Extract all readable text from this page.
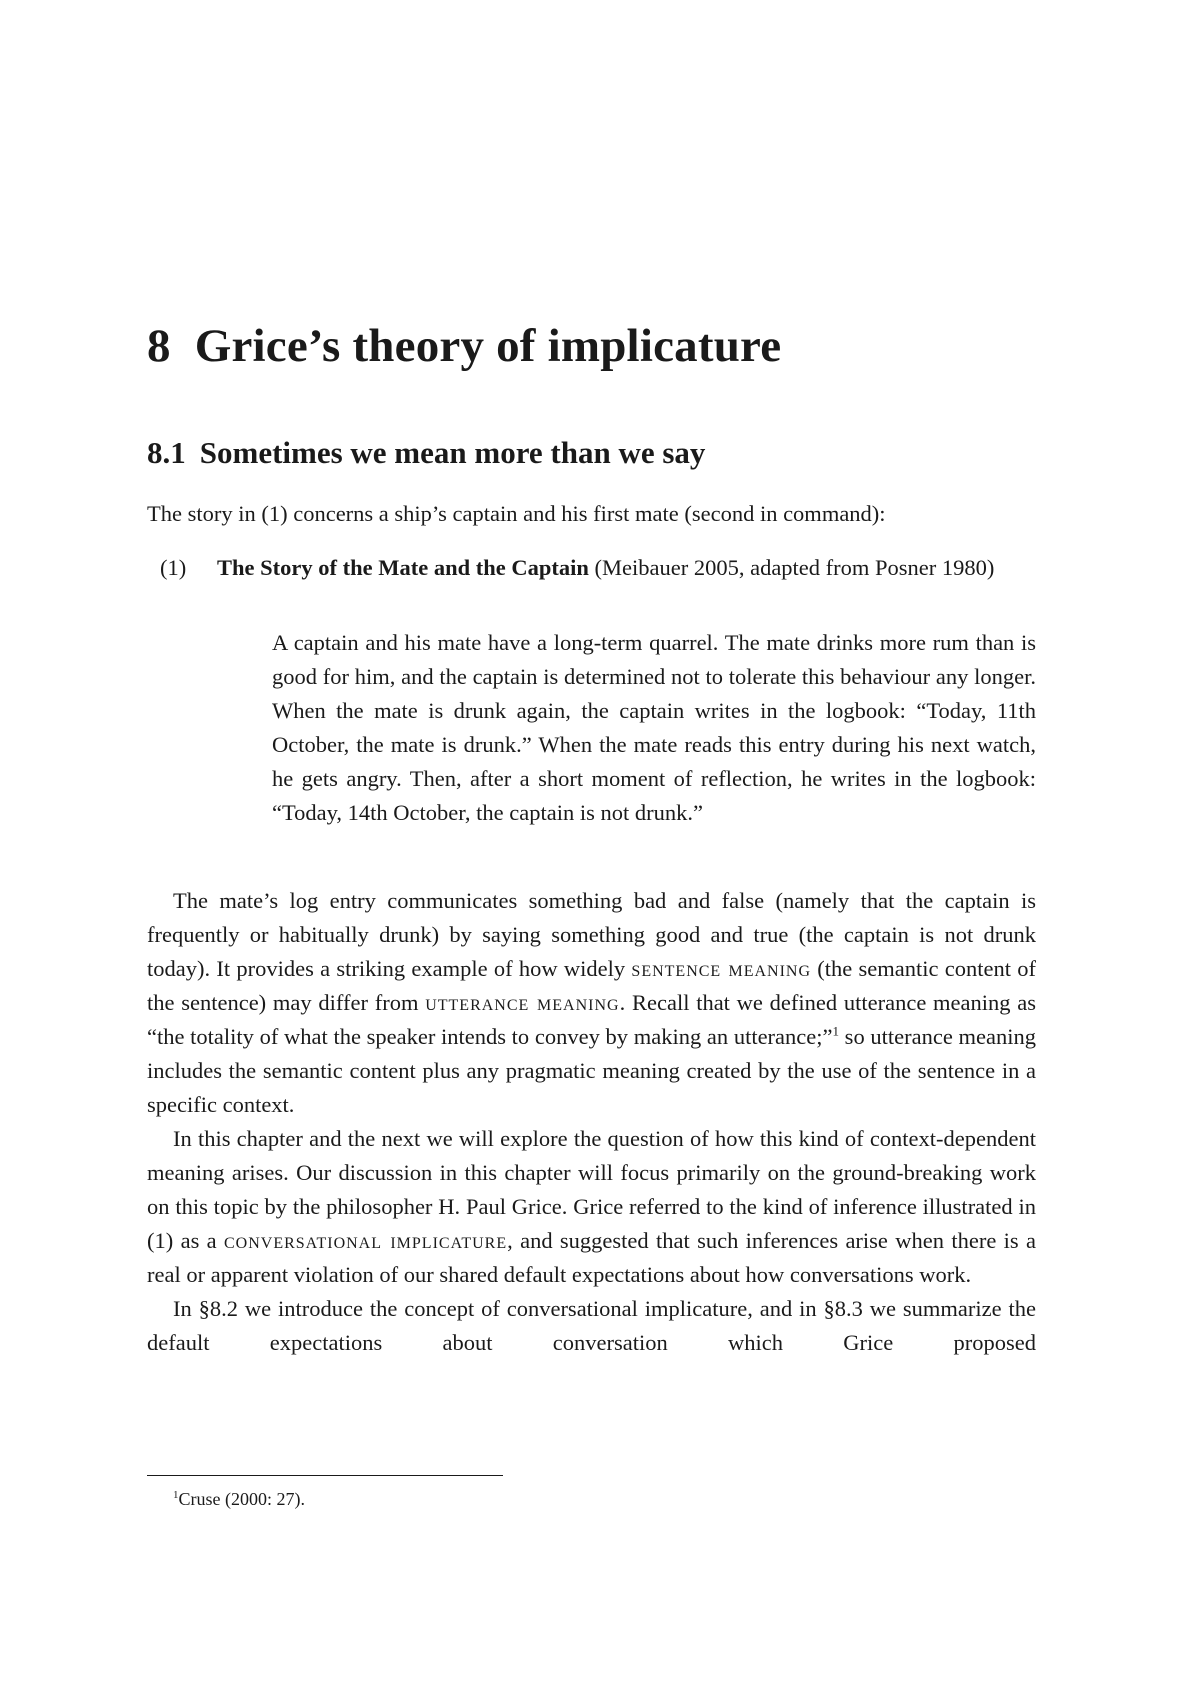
8 Grice’s theory of implicature
8.1 Sometimes we mean more than we say

The story in (1) concerns a ship’s captain and his first mate (second in command):

(1) The Story of the Mate and the Captain (Meibauer 2005, adapted from Posner 1980)

A captain and his mate have a long-term quarrel. The mate drinks more rum than is good for him, and the captain is determined not to tolerate this behaviour any longer. When the mate is drunk again, the captain writes in the logbook: “Today, 11th October, the mate is drunk.” When the mate reads this entry during his next watch, he gets angry. Then, after a short moment of reflection, he writes in the logbook: “Today, 14th October, the captain is not drunk.”

The mate’s log entry communicates something bad and false (namely that the captain is frequently or habitually drunk) by saying something good and true (the captain is not drunk today). It provides a striking example of how widely sentence meaning (the semantic content of the sentence) may differ from utterance meaning. Recall that we defined utterance meaning as “the totality of what the speaker intends to convey by making an utterance;”$^1$ so utterance meaning includes the semantic content plus any pragmatic meaning created by the use of the sentence in a specific context.

In this chapter and the next we will explore the question of how this kind of context-dependent meaning arises. Our discussion in this chapter will focus primarily on the ground-breaking work on this topic by the philosopher H. Paul Grice. Grice referred to the kind of inference illustrated in (1) as a conversational implicature, and suggested that such inferences arise when there is a real or apparent violation of our shared default expectations about how conversations work.

In §8.2 we introduce the concept of conversational implicature, and in §8.3 we summarize the default expectations about conversation which Grice proposed

$^1$Cruse (2000: 27).
